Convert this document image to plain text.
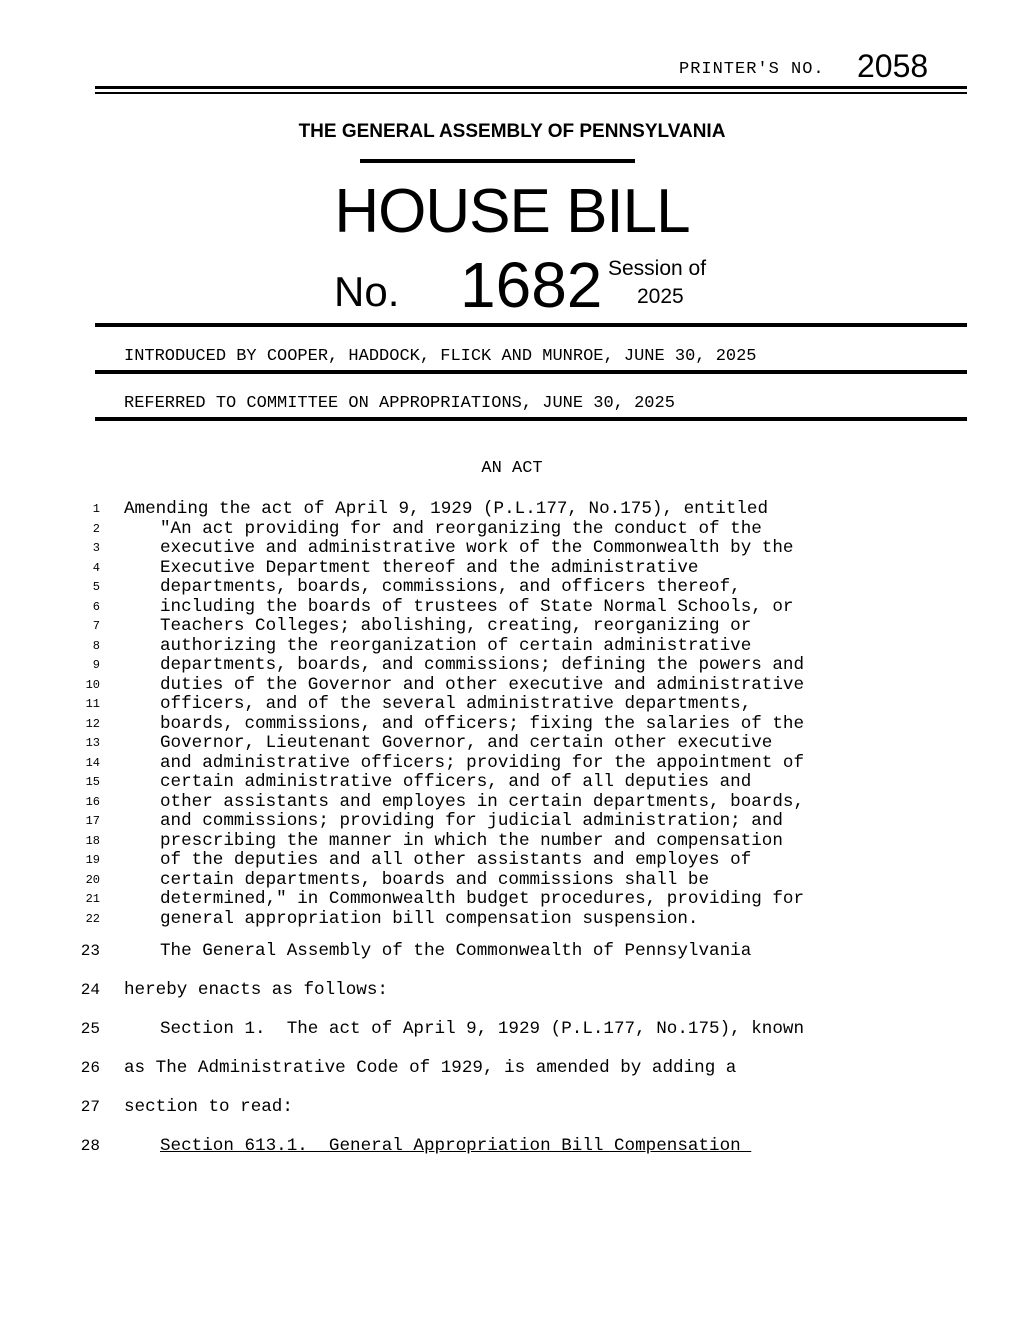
PRINTER'S NO. 2058
THE GENERAL ASSEMBLY OF PENNSYLVANIA
HOUSE BILL
No. 1682 Session of
2025
INTRODUCED BY COOPER, HADDOCK, FLICK AND MUNROE, JUNE 30, 2025
REFERRED TO COMMITTEE ON APPROPRIATIONS, JUNE 30, 2025
AN ACT
1 Amending the act of April 9, 1929 (P.L.177, No.175), entitled
2	"An act providing for and reorganizing the conduct of the
3	executive and administrative work of the Commonwealth by the
4	Executive Department thereof and the administrative
5	departments, boards, commissions, and officers thereof,
6	including the boards of trustees of State Normal Schools, or
7	Teachers Colleges; abolishing, creating, reorganizing or
8	authorizing the reorganization of certain administrative
9	departments, boards, and commissions; defining the powers and
10	duties of the Governor and other executive and administrative
11	officers, and of the several administrative departments,
12	boards, commissions, and officers; fixing the salaries of the
13	Governor, Lieutenant Governor, and certain other executive
14	and administrative officers; providing for the appointment of
15	certain administrative officers, and of all deputies and
16	other assistants and employes in certain departments, boards,
17	and commissions; providing for judicial administration; and
18	prescribing the manner in which the number and compensation
19	of the deputies and all other assistants and employes of
20	certain departments, boards and commissions shall be
21	determined," in Commonwealth budget procedures, providing for
22	general appropriation bill compensation suspension.
23	The General Assembly of the Commonwealth of Pennsylvania
24 hereby enacts as follows:
25	Section 1.  The act of April 9, 1929 (P.L.177, No.175), known
26 as The Administrative Code of 1929, is amended by adding a
27 section to read:
28	Section 613.1.  General Appropriation Bill Compensation
